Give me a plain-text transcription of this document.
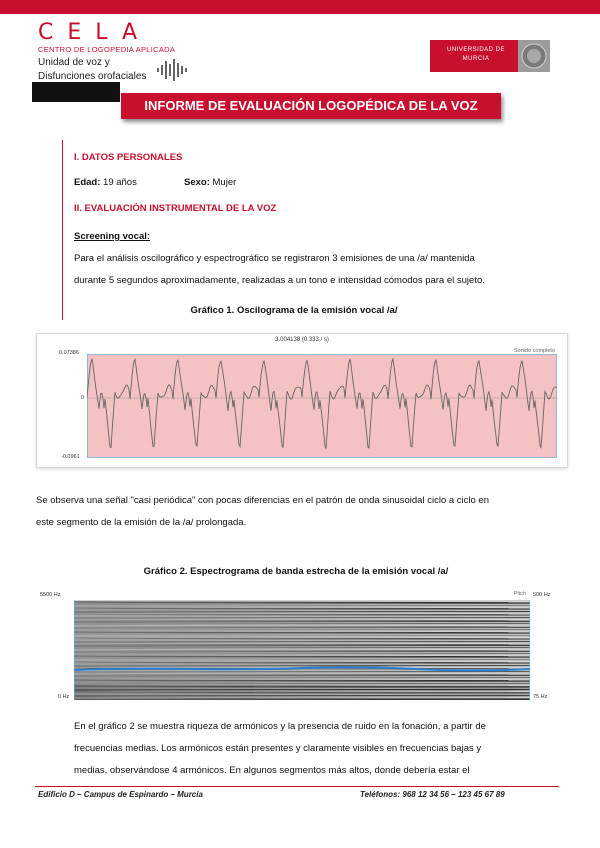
CELA
CENTRO DE LOGOPEDIA APLICADA
Unidad de voz y
Disfunciones orofaciales
UNIVERSIDAD DE
MURCIA
INFORME DE EVALUACIÓN LOGOPÉDICA DE LA VOZ
I. DATOS PERSONALES
Edad: 19 años	Sexo: Mujer
II. EVALUACIÓN INSTRUMENTAL DE LA VOZ
Screening vocal:
Para el análisis oscilográfico y espectrográfico se registraron 3 emisiones de una /a/ mantenida
durante 5 segundos aproximadamente, realizadas a un tono e intensidad cómodos para el sujeto.
Gráfico 1. Oscilograma de la emisión vocal /a/
3.004138 (0.333 / s)
Sonido completo
0.07386
0
-0.0961
Se observa una señal "casi periódica" con pocas diferencias en el patrón de onda sinusoidal ciclo a ciclo en
este segmento de la emisión de la /a/ prolongada.
Gráfico 2. Espectrograma de banda estrecha de la emisión vocal /a/
Pitch
5500 Hz
0 Hz
500 Hz
75 Hz
En el gráfico 2 se muestra riqueza de armónicos y la presencia de ruido en la fonación, a partir de
frecuencias medias. Los armónicos están presentes y claramente visibles en frecuencias bajas y
medias, observándose 4 armónicos. En algunos segmentos más altos, donde debería estar el
Edificio D – Campus de Espinardo – Murcia	Teléfonos: 968 12 34 56 – 123 45 67 89
